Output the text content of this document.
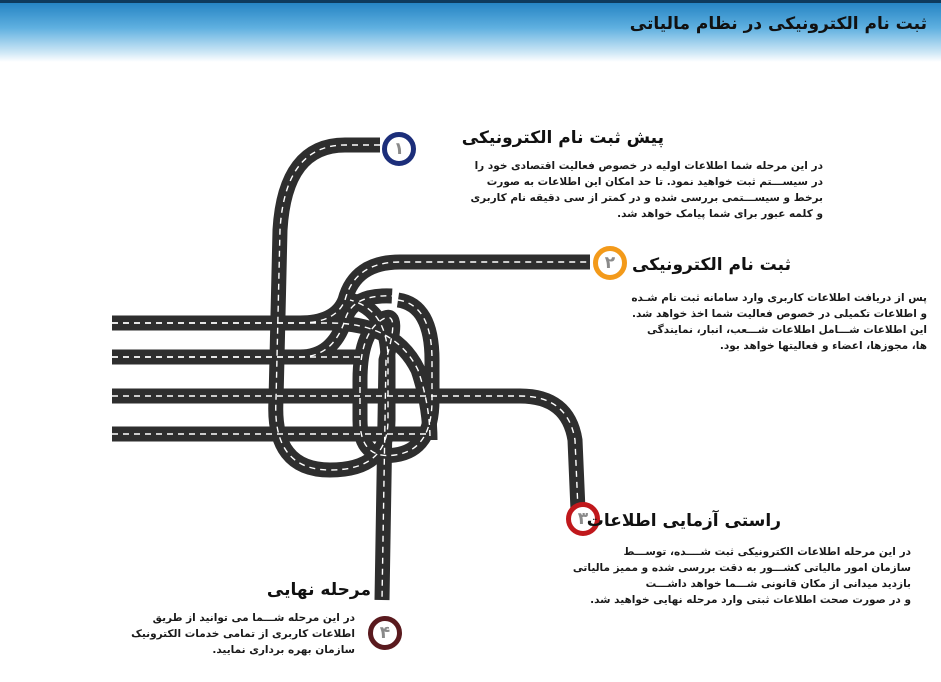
ثبت نام الکترونیکی در نظام مالیاتی
۱
پیش ثبت نام الکترونیکی
در این مرحله شما اطلاعات اولیه در خصوص فعالیت اقتصادی خود را
در سیســـتم ثبت خواهید نمود. تا حد امکان این اطلاعات به صورت
برخط و سیســـتمی بررسی شده و در کمتر از سی دقیقه نام کاربری
و کلمه عبور برای شما پیامک خواهد شد.
۲ ثبت نام الکترونیکی
پس از دریافت اطلاعات کاربری وارد سامانه ثبت نام شـده
و اطلاعات تکمیلی در خصوص فعالیت شما اخذ خواهد شد.
این اطلاعات شـــامل اطلاعات شـــعب، انبار، نمایندگی
ها، مجوزها، اعضاء و فعالیتها خواهد بود.
۳
راستی آزمایی اطلاعات
در این مرحله اطلاعات الکترونیکی ثبت شــــده، توســـط
سازمان امور مالیاتی کشـــور به دقت بررسی شده و ممیز مالیاتی
بازدید میدانی از مکان قانونی شـــما خواهد داشـــت
و در صورت صحت اطلاعات ثبتی وارد مرحله نهایی خواهید شد.
۴
مرحله نهایی
در این مرحله شـــما می توانید از طریق
اطلاعات کاربری از تمامی خدمات الکترونیک
سازمان بهره برداری نمایید.
